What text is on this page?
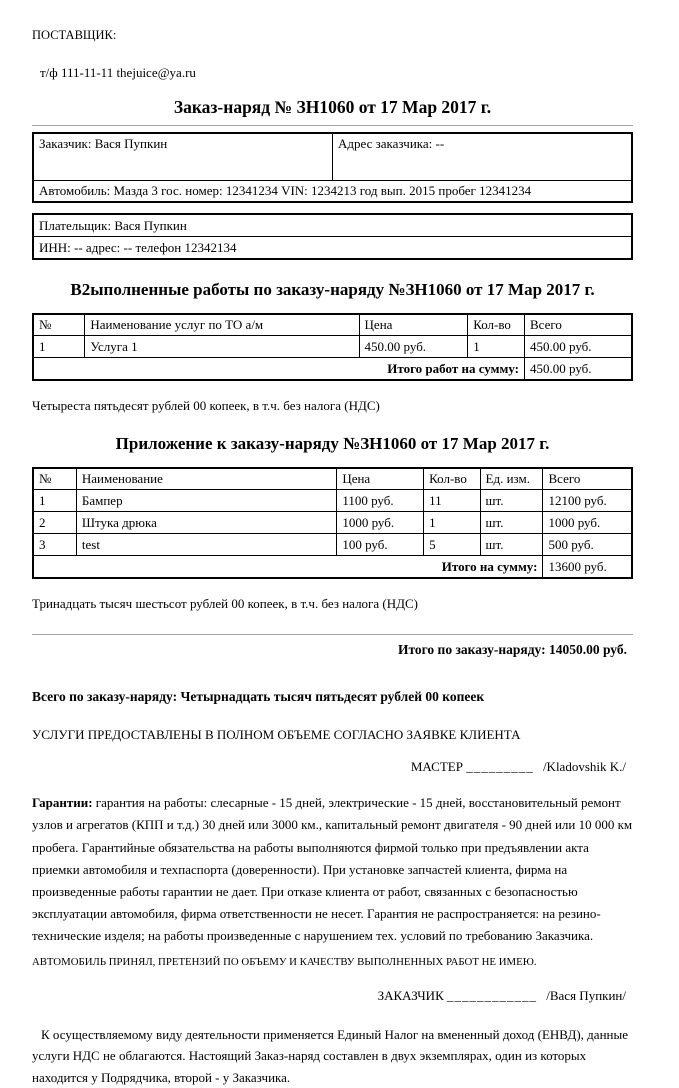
ПОСТАВЩИК:
т/ф 111-11-11 thejuice@ya.ru
Заказ-наряд № ЗН1060 от 17 Мар 2017 г.
Заказчик: Вася Пупкин	Адрес заказчика: --
Автомобиль: Мазда 3 гос. номер: 12341234 VIN: 1234213 год вып. 2015 пробег 12341234
Плательщик: Вася Пупкин
ИНН: -- адрес: -- телефон 12342134
В2ыполненные работы по заказу-наряду №ЗН1060 от 17 Мар 2017 г.
№	Наименование услуг по ТО а/м	Цена	Кол-во	Всего
1	Услуга 1	450.00 руб.	1	450.00 руб.
Итого работ на сумму:				450.00 руб.

Четыреста пятьдесят рублей 00 копеек, в т.ч. без налога (НДС)

Приложение к заказу-наряду №ЗН1060 от 17 Мар 2017 г.
№	Наименование	Цена	Кол-во	Ед. изм.	Всего
1	Бампер	1100 руб.	11	шт.	12100 руб.
2	Штука дрюка	1000 руб.	1	шт.	1000 руб.
3	test	100 руб.	5	шт.	500 руб.
Итого на сумму:					13600 руб.

Тринадцать тысяч шестьсот рублей 00 копеек, в т.ч. без налога (НДС)

Итого по заказу-наряду: 14050.00 руб.

Всего по заказу-наряду: Четырнадцать тысяч пятьдесят рублей 00 копеек

УСЛУГИ ПРЕДОСТАВЛЕНЫ В ПОЛНОМ ОБЪЕМЕ СОГЛАСНО ЗАЯВКЕ КЛИЕНТА

МАСТЕР _________ /Kladovshik K./

Гарантии: гарантия на работы: слесарные - 15 дней, электрические - 15 дней, восстановительный ремонт узлов и агрегатов (КПП и т.д.) 30 дней или 3000 км., капитальный ремонт двигателя - 90 дней или 10 000 км пробега. Гарантийные обязательства на работы выполняются фирмой только при предъявлении акта приемки автомобиля и техпаспорта (доверенности). При установке запчастей клиента, фирма на произведенные работы гарантии не дает. При отказе клиента от работ, связанных с безопасностью эксплуатации автомобиля, фирма ответственности не несет. Гарантия не распространяется: на резино-технические изделя; на работы произведенные с нарушением тех. условий по требованию Заказчика.

АВТОМОБИЛЬ ПРИНЯЛ, ПРЕТЕНЗИЙ ПО ОБЪЕМУ И КАЧЕСТВУ ВЫПОЛНЕННЫХ РАБОТ НЕ ИМЕЮ.

ЗАКАЗЧИК ____________ /Вася Пупкин/

К осуществляемому виду деятельности применяется Единый Налог на вмененный доход (ЕНВД), данные услуги НДС не облагаются. Настоящий Заказ-наряд составлен в двух экземплярах, один из которых находится у Подрядчика, второй - у Заказчика.
